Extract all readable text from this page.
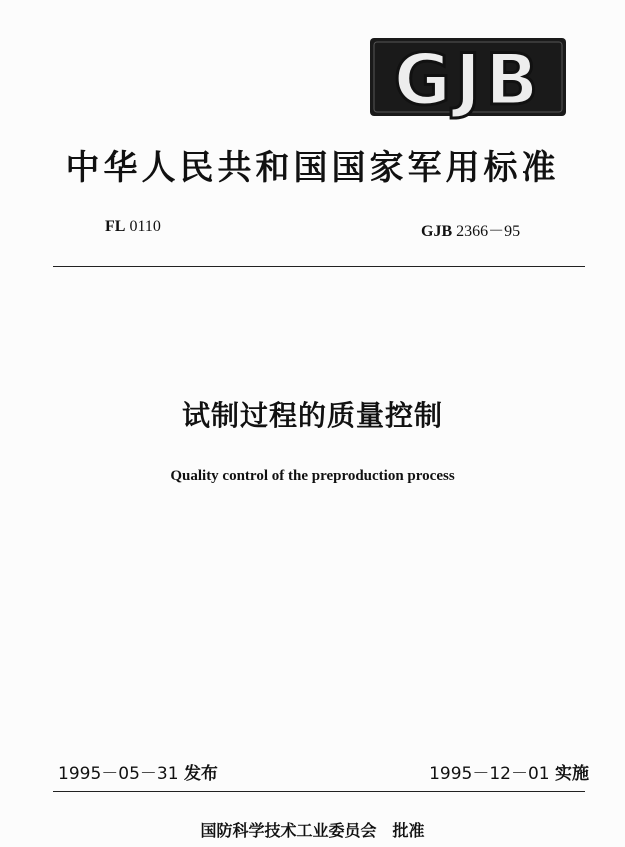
GJB
中华人民共和国国家军用标准
FL 0110	GJB 2366－95
试制过程的质量控制
Quality control of the preproduction process
1995－05－31 发布	1995－12－01 实施
国防科学技术工业委员会 批准
